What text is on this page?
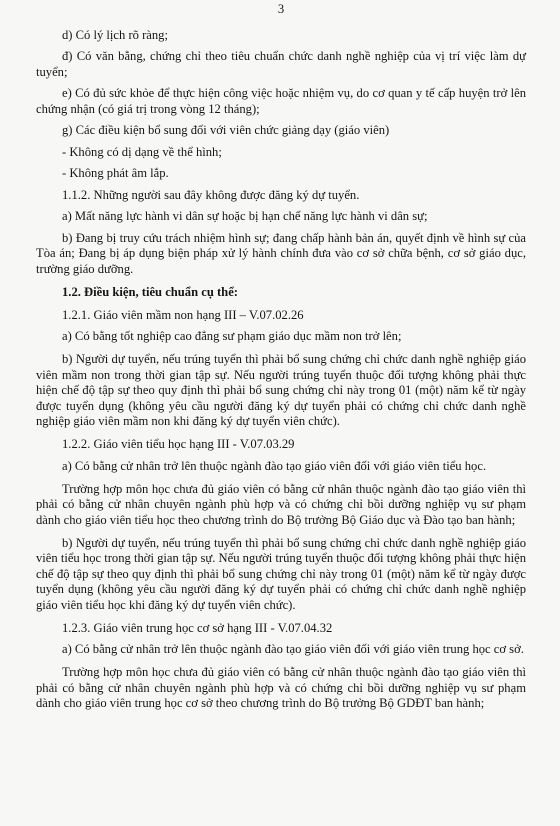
3

d) Có lý lịch rõ ràng;

đ) Có văn bằng, chứng chỉ theo tiêu chuẩn chức danh nghề nghiệp của vị trí việc làm dự tuyển;

e) Có đủ sức khỏe để thực hiện công việc hoặc nhiệm vụ, do cơ quan y tế cấp huyện trở lên chứng nhận (có giá trị trong vòng 12 tháng);

g) Các điều kiện bổ sung đối với viên chức giảng dạy (giáo viên)

- Không có dị dạng về thể hình;

- Không phát âm lắp.

1.1.2. Những người sau đây không được đăng ký dự tuyển.

a) Mất năng lực hành vi dân sự hoặc bị hạn chế năng lực hành vi dân sự;

b) Đang bị truy cứu trách nhiệm hình sự; đang chấp hành bản án, quyết định về hình sự của Tòa án; Đang bị áp dụng biện pháp xử lý hành chính đưa vào cơ sở chữa bệnh, cơ sở giáo dục, trường giáo dưỡng.

1.2. Điều kiện, tiêu chuẩn cụ thể:

1.2.1. Giáo viên mầm non hạng III – V.07.02.26

a) Có bằng tốt nghiệp cao đẳng sư phạm giáo dục mầm non trở lên;

b) Người dự tuyển, nếu trúng tuyển thì phải bổ sung chứng chỉ chức danh nghề nghiệp giáo viên mầm non trong thời gian tập sự. Nếu người trúng tuyển thuộc đối tượng không phải thực hiện chế độ tập sự theo quy định thì phải bổ sung chứng chỉ này trong 01 (một) năm kể từ ngày được tuyển dụng (không yêu cầu người đăng ký dự tuyển phải có chứng chỉ chức danh nghề nghiệp giáo viên mầm non khi đăng ký dự tuyển viên chức).

1.2.2. Giáo viên tiểu học hạng III - V.07.03.29

a) Có bằng cử nhân trở lên thuộc ngành đào tạo giáo viên đối với giáo viên tiểu học.

Trường hợp môn học chưa đủ giáo viên có bằng cử nhân thuộc ngành đào tạo giáo viên thì phải có bằng cử nhân chuyên ngành phù hợp và có chứng chỉ bồi dưỡng nghiệp vụ sư phạm dành cho giáo viên tiểu học theo chương trình do Bộ trưởng Bộ Giáo dục và Đào tạo ban hành;

b) Người dự tuyển, nếu trúng tuyển thì phải bổ sung chứng chỉ chức danh nghề nghiệp giáo viên tiểu học trong thời gian tập sự. Nếu người trúng tuyển thuộc đối tượng không phải thực hiện chế độ tập sự theo quy định thì phải bổ sung chứng chỉ này trong 01 (một) năm kể từ ngày được tuyển dụng (không yêu cầu người đăng ký dự tuyển phải có chứng chỉ chức danh nghề nghiệp giáo viên tiểu học khi đăng ký dự tuyển viên chức).

1.2.3. Giáo viên trung học cơ sở hạng III - V.07.04.32

a) Có bằng cử nhân trở lên thuộc ngành đào tạo giáo viên đối với giáo viên trung học cơ sở.

Trường hợp môn học chưa đủ giáo viên có bằng cử nhân thuộc ngành đào tạo giáo viên thì phải có bằng cử nhân chuyên ngành phù hợp và có chứng chỉ bồi dưỡng nghiệp vụ sư phạm dành cho giáo viên trung học cơ sở theo chương trình do Bộ trưởng Bộ GDĐT ban hành;
